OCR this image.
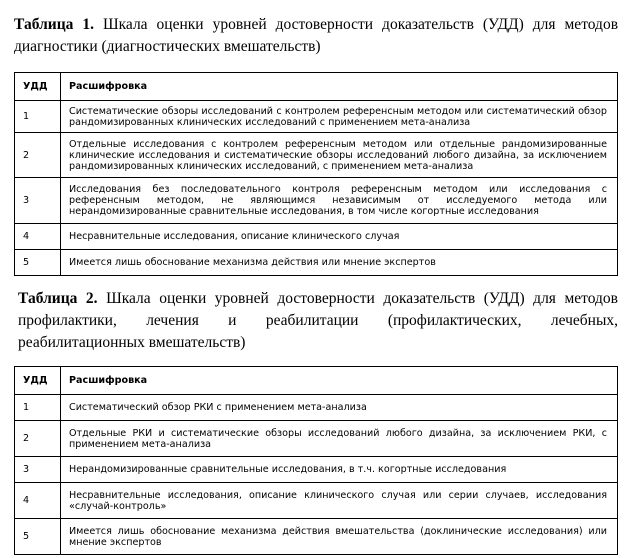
Таблица 1. Шкала оценки уровней достоверности доказательств (УДД) для методов диагностики (диагностических вмешательств)
УДД	Расшифровка
1	Систематические обзоры исследований с контролем референсным методом или систематический обзор рандомизированных клинических исследований с применением мета-анализа
2	Отдельные исследования с контролем референсным методом или отдельные рандомизированные клинические исследования и систематические обзоры исследований любого дизайна, за исключением рандомизированных клинических исследований, с применением мета-анализа
3	Исследования без последовательного контроля референсным методом или исследования с референсным методом, не являющимся независимым от исследуемого метода или нерандомизированные сравнительные исследования, в том числе когортные исследования
4	Несравнительные исследования, описание клинического случая
5	Имеется лишь обоснование механизма действия или мнение экспертов
Таблица 2. Шкала оценки уровней достоверности доказательств (УДД) для методов профилактики, лечения и реабилитации (профилактических, лечебных, реабилитационных вмешательств)
УДД	Расшифровка
1	Систематический обзор РКИ с применением мета-анализа
2	Отдельные РКИ и систематические обзоры исследований любого дизайна, за исключением РКИ, с применением мета-анализа
3	Нерандомизированные сравнительные исследования, в т.ч. когортные исследования
4	Несравнительные исследования, описание клинического случая или серии случаев, исследования «случай-контроль»
5	Имеется лишь обоснование механизма действия вмешательства (доклинические исследования) или мнение экспертов
